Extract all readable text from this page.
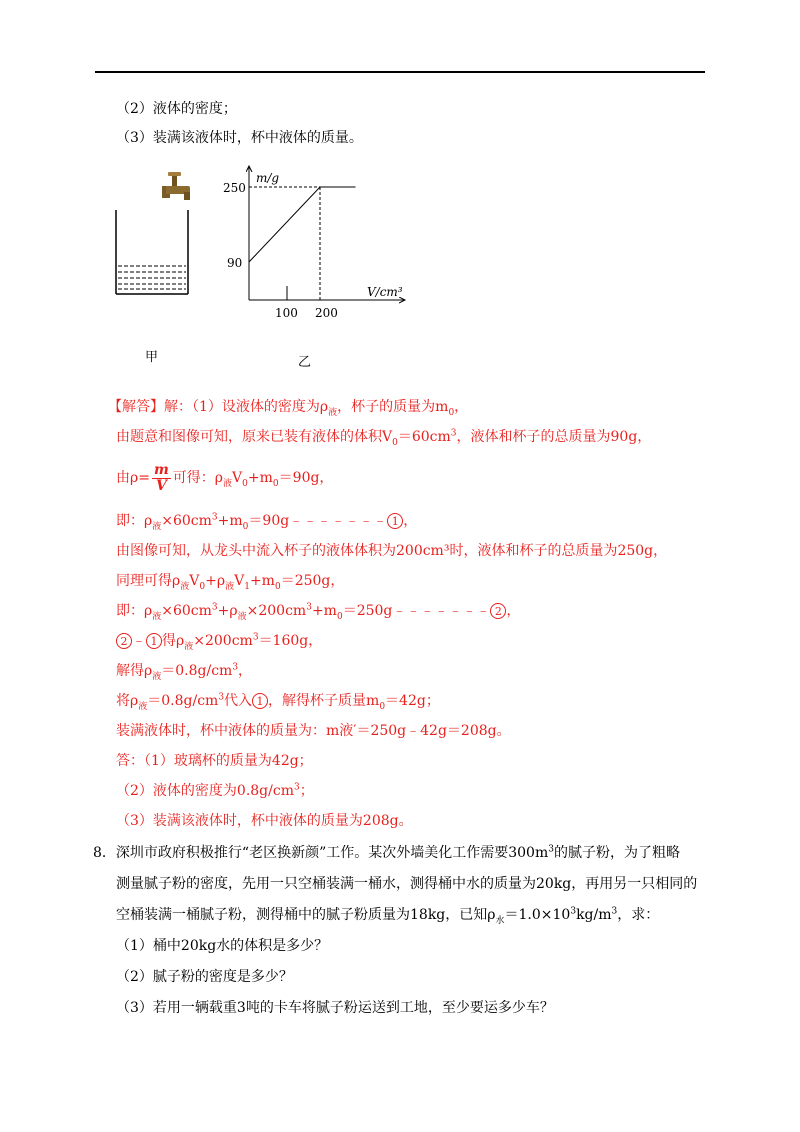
（2）液体的密度；
（3）装满该液体时，杯中液体的质量。
甲
m/g
V/cm³
250
90
100 200
乙
【解答】解：（1）设液体的密度为$\rho_液$，杯子的质量为$m_0$，
由题意和图像可知，原来已装有液体的体积$V_0=60cm^3$，液体和杯子的总质量为90g，
由$\rho= \frac{m}{V}$ 可得：$\rho_液V_0+m_0=90g$，
即：$\rho_液\times 60cm^3+m_0=90g﹣﹣﹣﹣﹣﹣﹣$ 1 ，
由图像可知，从龙头中流入杯子的液体体积为200cm³时，液体和杯子的总质量为250g，
同理可得$\rho_液V_0+\rho_液V_1+m_0=250g$，
即：$\rho_液\times 60cm^3+\rho_液\times 200cm^3+m_0=250g﹣﹣﹣﹣﹣﹣﹣$ 2 ，
2 ﹣ 1 得$\rho_液\times 200cm^3=160g$，
解得$\rho_液=0.8g/cm^3$，
将$\rho_液=0.8g/cm^3$代入 1 ，解得杯子质量$m_0=42g$；
装满液体时，杯中液体的质量为：m液′＝250g﹣42g＝208g。
答：（1）玻璃杯的质量为42g；
（2）液体的密度为$0.8g/cm^3$；
（3）装满该液体时，杯中液体的质量为208g。
8．深圳市政府积极推行“老区换新颜”工作。某次外墙美化工作需要$300m^3$的腻子粉，为了粗略
测量腻子粉的密度，先用一只空桶装满一桶水，测得桶中水的质量为20kg，再用另一只相同的
空桶装满一桶腻子粉，测得桶中的腻子粉质量为18kg，已知$\rho_水=1.0\times 10^3kg/m^3$，求：
（1）桶中20kg水的体积是多少？
（2）腻子粉的密度是多少？
（3）若用一辆载重3吨的卡车将腻子粉运送到工地，至少要运多少车？
